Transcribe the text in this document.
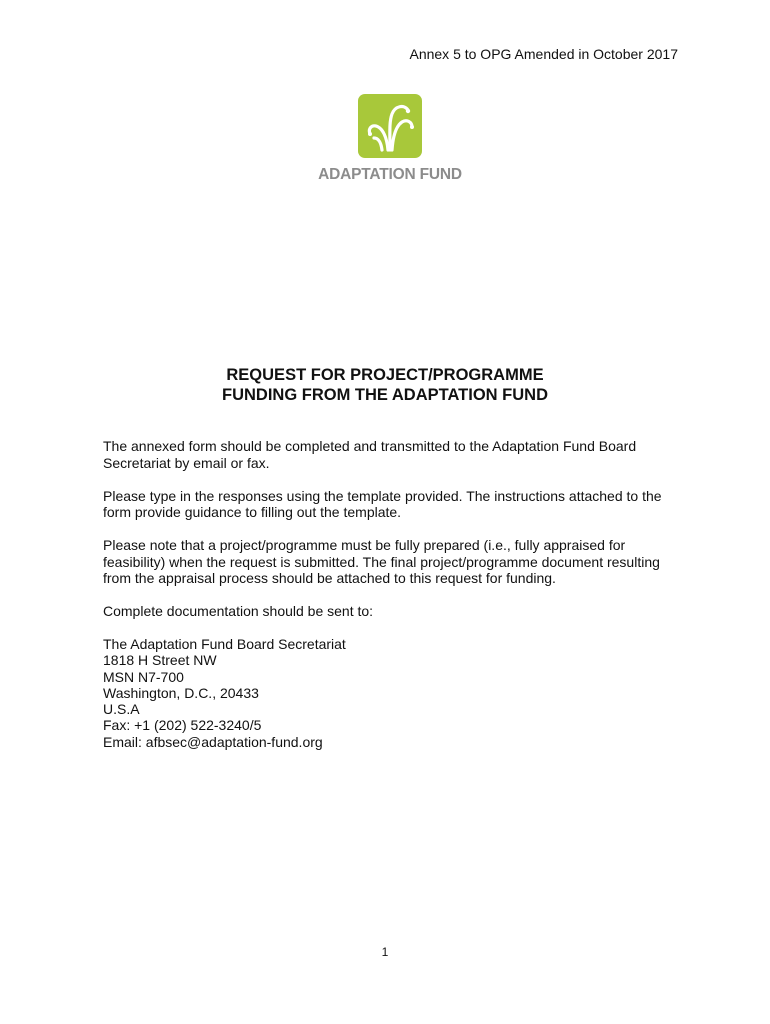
Annex 5 to OPG Amended in October 2017
ADAPTATION FUND
REQUEST FOR PROJECT/PROGRAMME
FUNDING FROM THE ADAPTATION FUND

The annexed form should be completed and transmitted to the Adaptation Fund Board Secretariat by email or fax.

Please type in the responses using the template provided. The instructions attached to the form provide guidance to filling out the template.

Please note that a project/programme must be fully prepared (i.e., fully appraised for feasibility) when the request is submitted. The final project/programme document resulting from the appraisal process should be attached to this request for funding.

Complete documentation should be sent to:

The Adaptation Fund Board Secretariat
1818 H Street NW
MSN N7-700
Washington, D.C., 20433
U.S.A
Fax: +1 (202) 522-3240/5
Email: afbsec@adaptation-fund.org
1
